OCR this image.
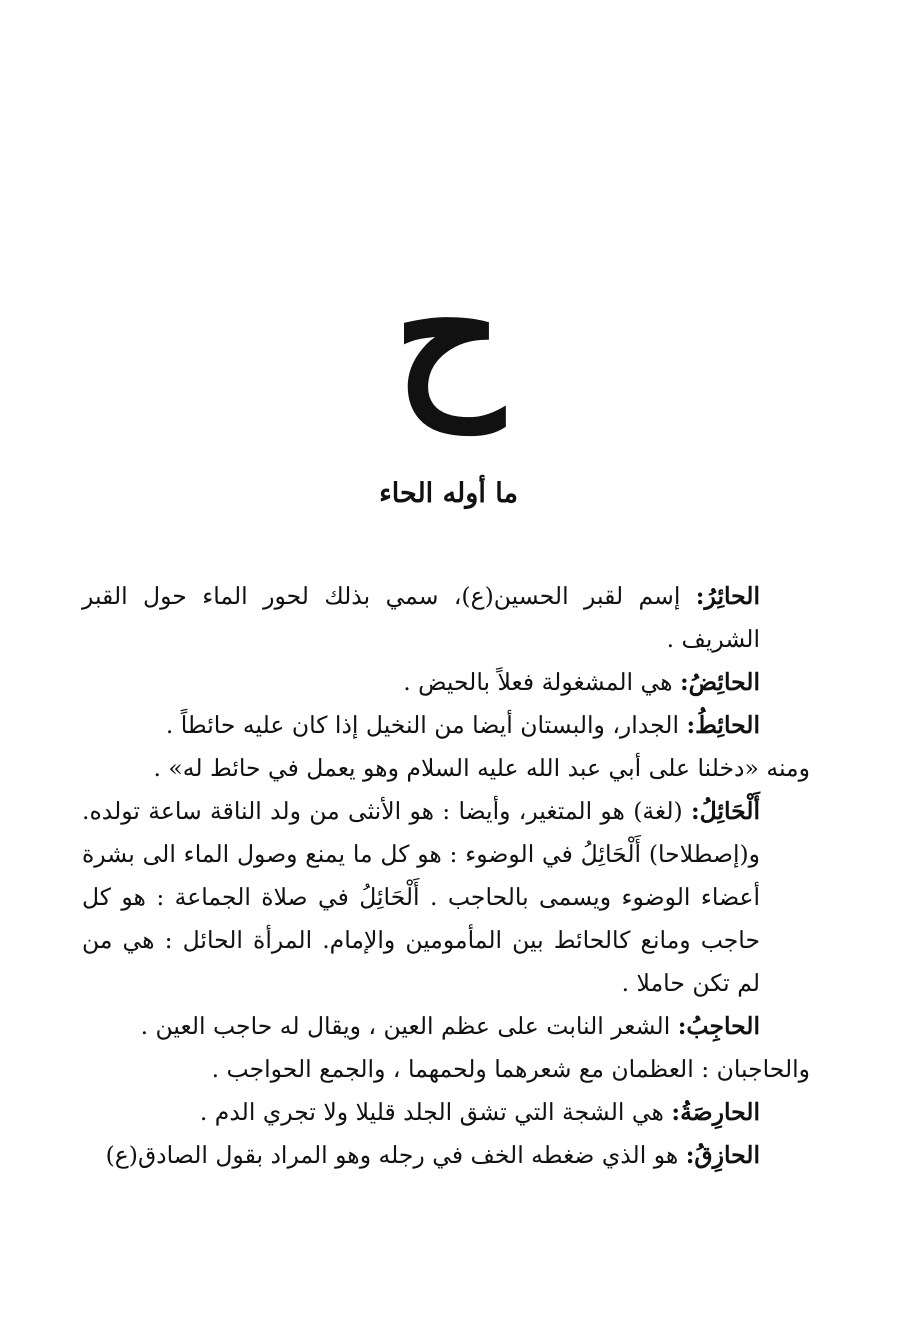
ح
ما أوله الحاء

الحائِرُ: إسم لقبر الحسين(ع)، سمي بذلك لحور الماء حول القبر الشريف .

الحائِضُ: هي المشغولة فعلاً بالحيض .

الحائِطُ: الجدار، والبستان أيضا من النخيل إذا كان عليه حائطاً .

ومنه «دخلنا على أبي عبد الله عليه السلام وهو يعمل في حائط له» .

أَلْحَائِلُ: (لغة) هو المتغير، وأيضا : هو الأنثى من ولد الناقة ساعة تولده. و(إصطلاحا) أَلْحَائِلُ في الوضوء : هو كل ما يمنع وصول الماء الى بشرة أعضاء الوضوء ويسمى بالحاجب . أَلْحَائِلُ في صلاة الجماعة : هو كل حاجب ومانع كالحائط بين المأمومين والإمام. المرأة الحائل : هي من لم تكن حاملا .

الحاجِبُ: الشعر النابت على عظم العين ، ويقال له حاجب العين .

والحاجبان : العظمان مع شعرهما ولحمهما ، والجمع الحواجب .

الحارِصَةُ: هي الشجة التي تشق الجلد قليلا ولا تجري الدم .

الحازِقُ: هو الذي ضغطه الخف في رجله وهو المراد بقول الصادق(ع)
